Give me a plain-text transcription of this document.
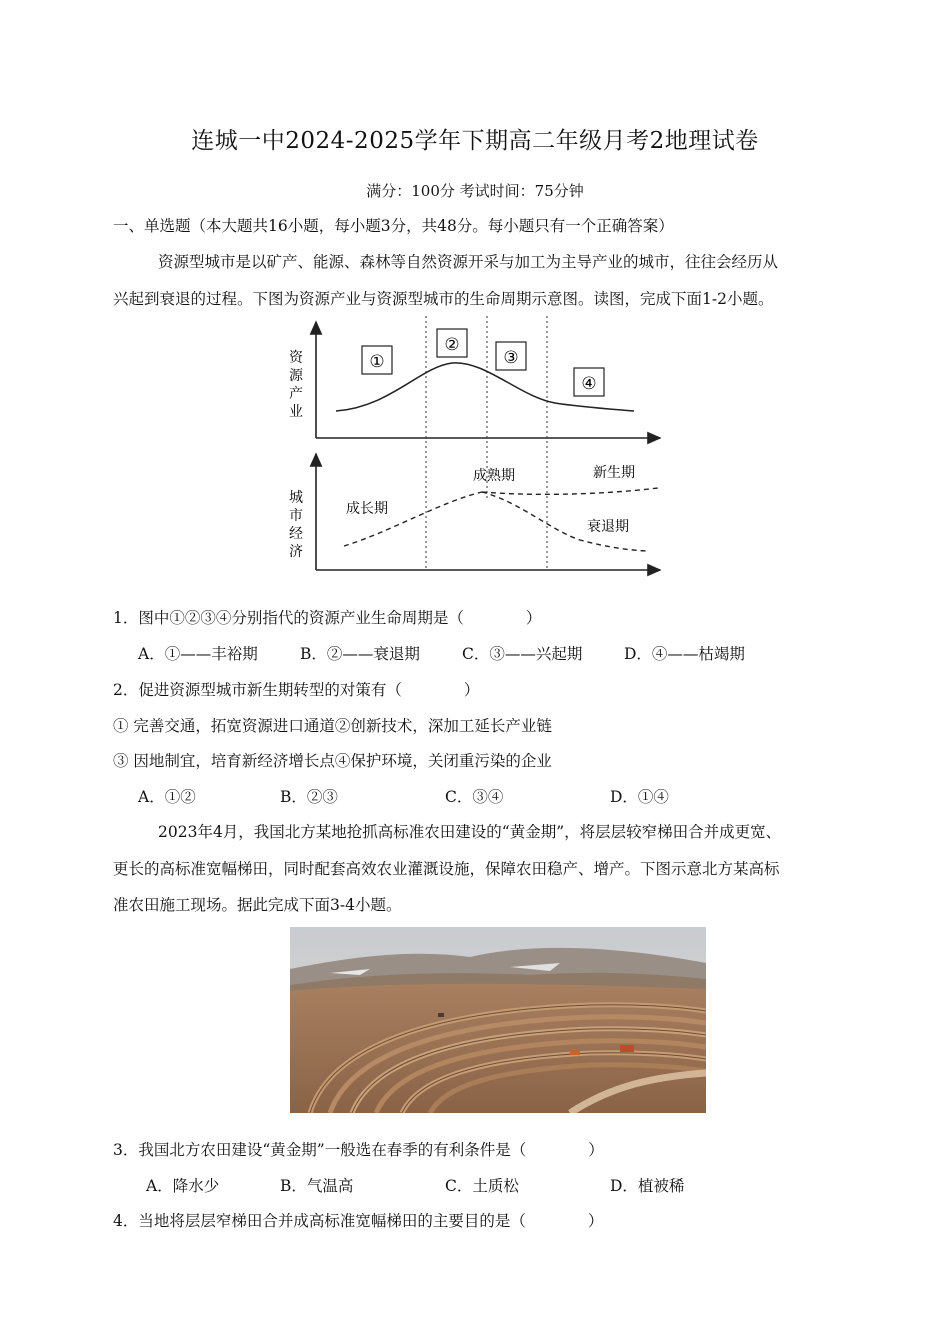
连城一中2024-2025学年下期高二年级月考2地理试卷
满分：100分 考试时间：75分钟
一、单选题（本大题共16小题，每小题3分，共48分。每小题只有一个正确答案）
资源型城市是以矿产、能源、森林等自然资源开采与加工为主导产业的城市，往往会经历从
兴起到衰退的过程。下图为资源产业与资源型城市的生命周期示意图。读图，完成下面1-2小题。
①
②
③
④
资
源
产
业
城
市
经
济
成长期
成熟期	新生期
衰退期
1．图中①②③④分别指代的资源产业生命周期是（　　　　）
A．①——丰裕期	B．②——衰退期	C．③——兴起期	D．④——枯竭期
2．促进资源型城市新生期转型的对策有（　　　　）
① 完善交通，拓宽资源进口通道②创新技术，深加工延长产业链
③ 因地制宜，培育新经济增长点④保护环境，关闭重污染的企业
A．①②	B．②③	C．③④	D．①④
2023年4月，我国北方某地抢抓高标准农田建设的“黄金期”，将层层较窄梯田合并成更宽、
更长的高标准宽幅梯田，同时配套高效农业灌溉设施，保障农田稳产、增产。下图示意北方某高标
准农田施工现场。据此完成下面3-4小题。
3．我国北方农田建设“黄金期”一般选在春季的有利条件是（　　　　）
A．降水少	B．气温高	C．土质松	D．植被稀
4．当地将层层窄梯田合并成高标准宽幅梯田的主要目的是（　　　　）
